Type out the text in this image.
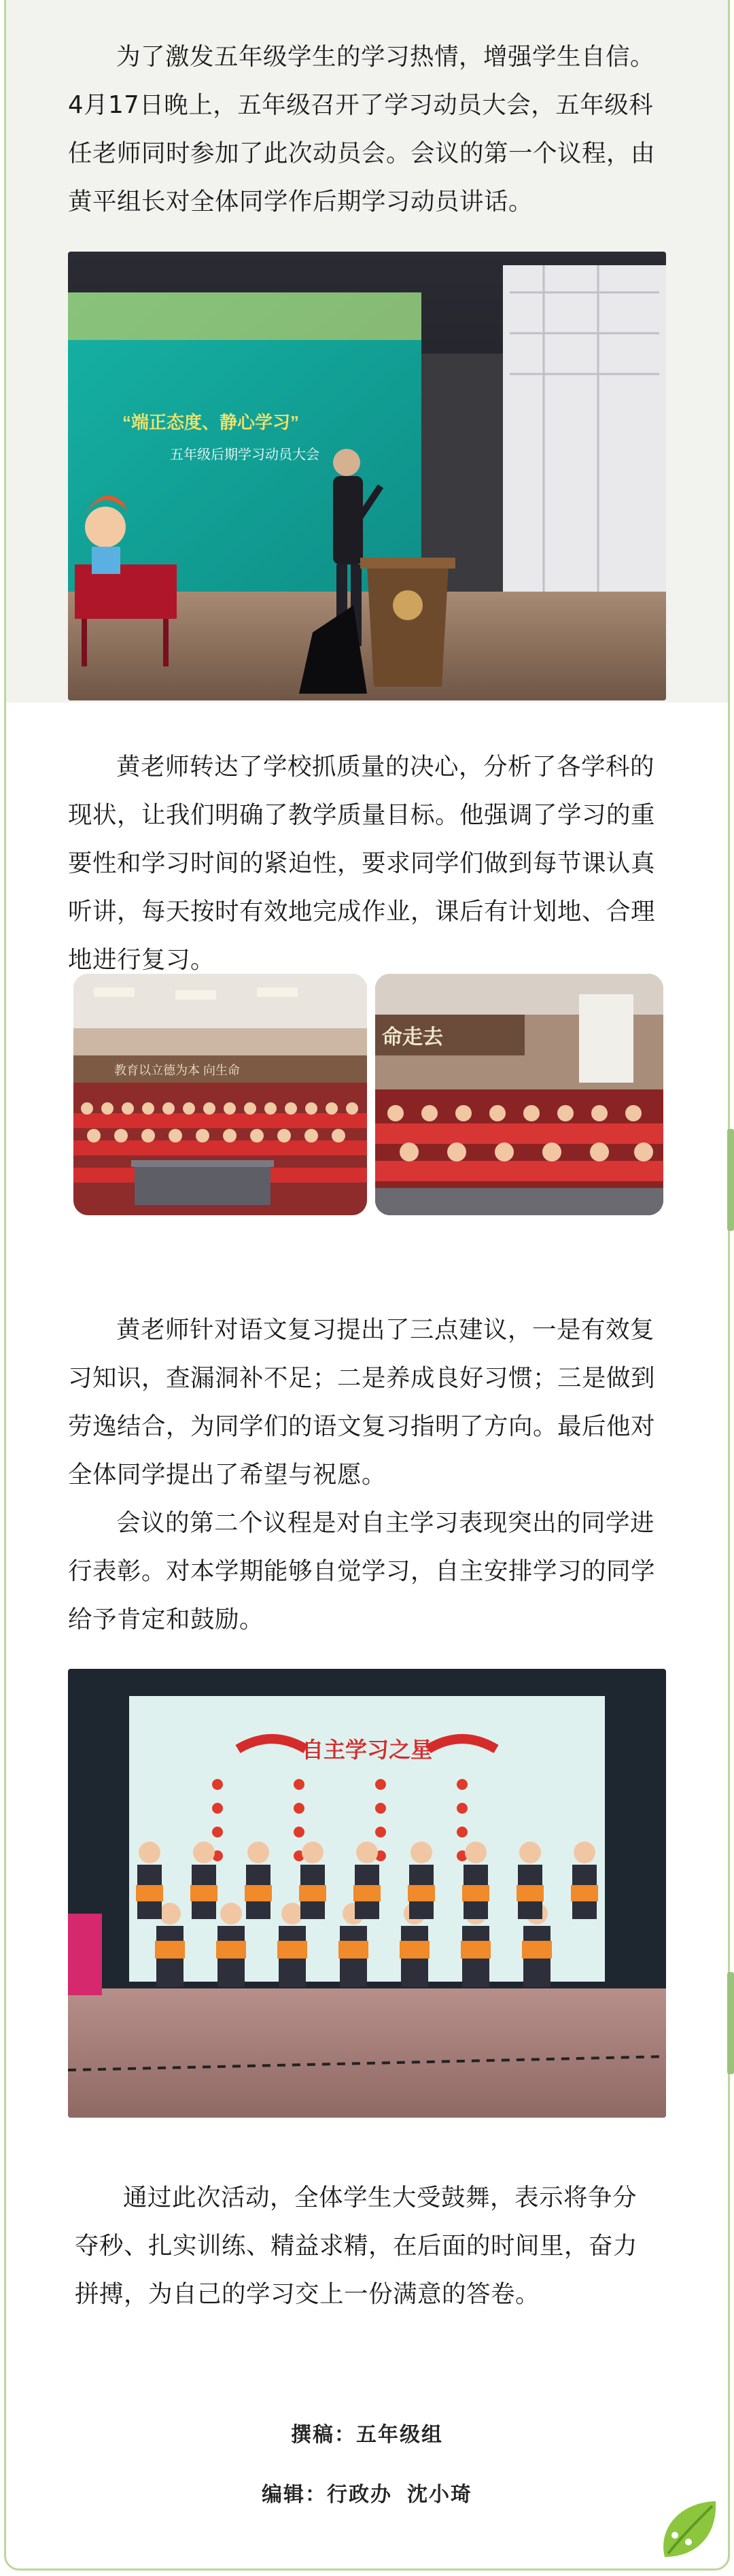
为了激发五年级学生的学习热情，增强学生自信。4月17日晚上，五年级召开了学习动员大会，五年级科任老师同时参加了此次动员会。会议的第一个议程，由黄平组长对全体同学作后期学习动员讲话。

“端正态度、静心学习”
五年级后期学习动员大会

黄老师转达了学校抓质量的决心，分析了各学科的现状，让我们明确了教学质量目标。他强调了学习的重要性和学习时间的紧迫性，要求同学们做到每节课认真听讲，每天按时有效地完成作业，课后有计划地、合理地进行复习。

教育以立德为本 向生命
命走去

黄老师针对语文复习提出了三点建议，一是有效复习知识，查漏洞补不足；二是养成良好习惯；三是做到劳逸结合，为同学们的语文复习指明了方向。最后他对全体同学提出了希望与祝愿。

会议的第二个议程是对自主学习表现突出的同学进行表彰。对本学期能够自觉学习，自主安排学习的同学给予肯定和鼓励。

自主学习之星

通过此次活动，全体学生大受鼓舞，表示将争分夺秒、扎实训练、精益求精，在后面的时间里，奋力拼搏，为自己的学习交上一份满意的答卷。

撰稿：五年级组
编辑：行政办 沈小琦
